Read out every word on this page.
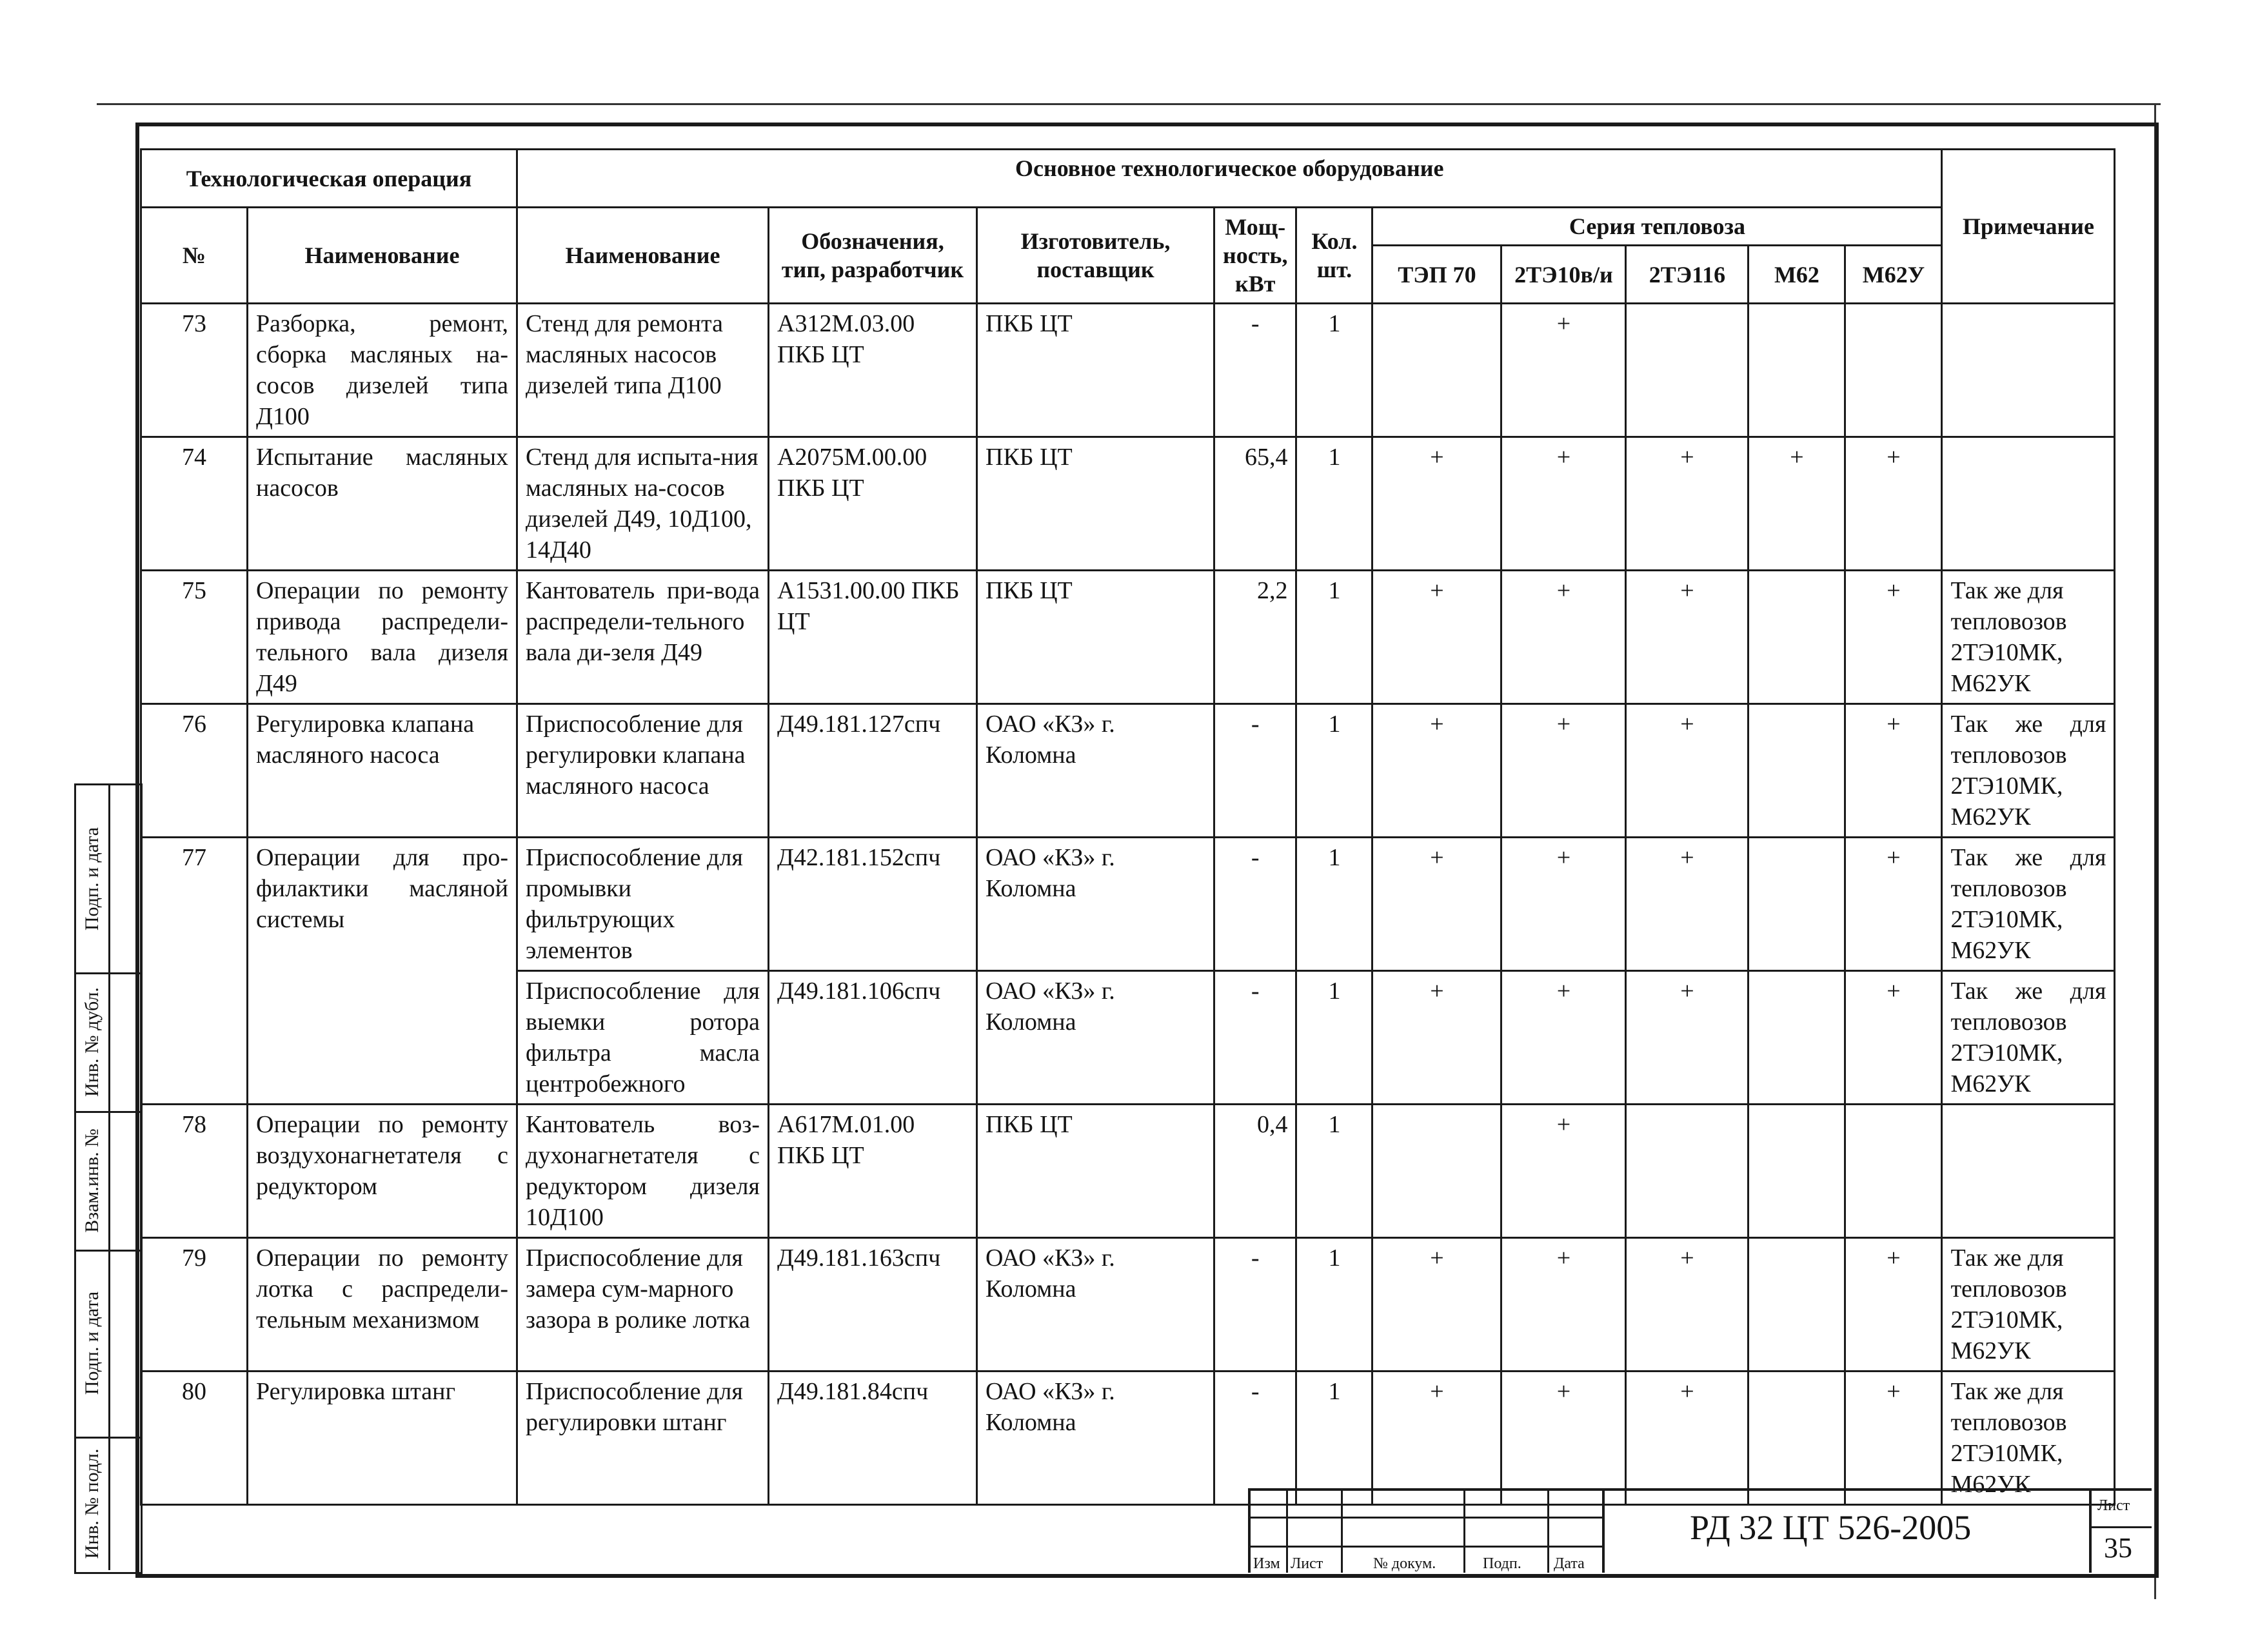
Технологическая операция		Основное технологическое оборудование										Примечание
№	Наименование	Наименование	Обозначения, тип, разработчик	Изготовитель, поставщик	Мощ-ность, кВт	Кол. шт.	Серия тепловоза					
							ТЭП 70	2ТЭ10в/и	2ТЭ116	М62	М62У	
73	Разборка, ремонт, сборка масляных на-сосов дизелей типа Д100	Стенд для ремонта масляных насосов дизелей типа Д100	А312М.03.00 ПКБ ЦТ	ПКБ ЦТ	-	1		+				
74	Испытание масляных насосов	Стенд для испыта-ния масляных на-сосов дизелей Д49, 10Д100, 14Д40	А2075М.00.00 ПКБ ЦТ	ПКБ ЦТ	65,4	1	+	+	+	+	+	
75	Операции по ремонту привода распредели-тельного вала дизеля Д49	Кантователь при-вода распредели-тельного вала ди-зеля Д49	А1531.00.00 ПКБ ЦТ	ПКБ ЦТ	2,2	1	+	+	+		+	Так же для тепловозов 2ТЭ10МК, М62УК
76	Регулировка клапана масляного насоса	Приспособление для регулировки клапана масляного насоса	Д49.181.127спч	ОАО «КЗ» г. Коломна	-	1	+	+	+		+	Так же для тепловозов 2ТЭ10МК, М62УК
77	Операции для про-филактики масляной системы	Приспособление для промывки фильтрующих элементов	Д42.181.152спч	ОАО «КЗ» г. Коломна	-	1	+	+	+		+	Так же для тепловозов 2ТЭ10МК, М62УК
		Приспособление для выемки ротора фильтра масла центробежного	Д49.181.106спч	ОАО «КЗ» г. Коломна	-	1	+	+	+		+	Так же для тепловозов 2ТЭ10МК, М62УК
78	Операции по ремонту воздухонагнетателя с редуктором	Кантователь воз-духонагнетателя с редуктором дизеля 10Д100	А617М.01.00 ПКБ ЦТ	ПКБ ЦТ	0,4	1		+				
79	Операции по ремонту лотка с распредели-тельным механизмом	Приспособление для замера сум-марного зазора в ролике лотка	Д49.181.163спч	ОАО «КЗ» г. Коломна	-	1	+	+	+		+	Так же для тепловозов 2ТЭ10МК, М62УК
80	Регулировка штанг	Приспособление для регулировки штанг	Д49.181.84спч	ОАО «КЗ» г. Коломна	-	1	+	+	+		+	Так же для тепловозов 2ТЭ10МК, М62УК
Подп. и дата
Инв. № дубл.
Взам.инв. №
Подп. и дата
Инв. № подл.
Изм Лист	№ докум.	Подп. Дата
РД 32 ЦТ 526-2005
Лист
35
